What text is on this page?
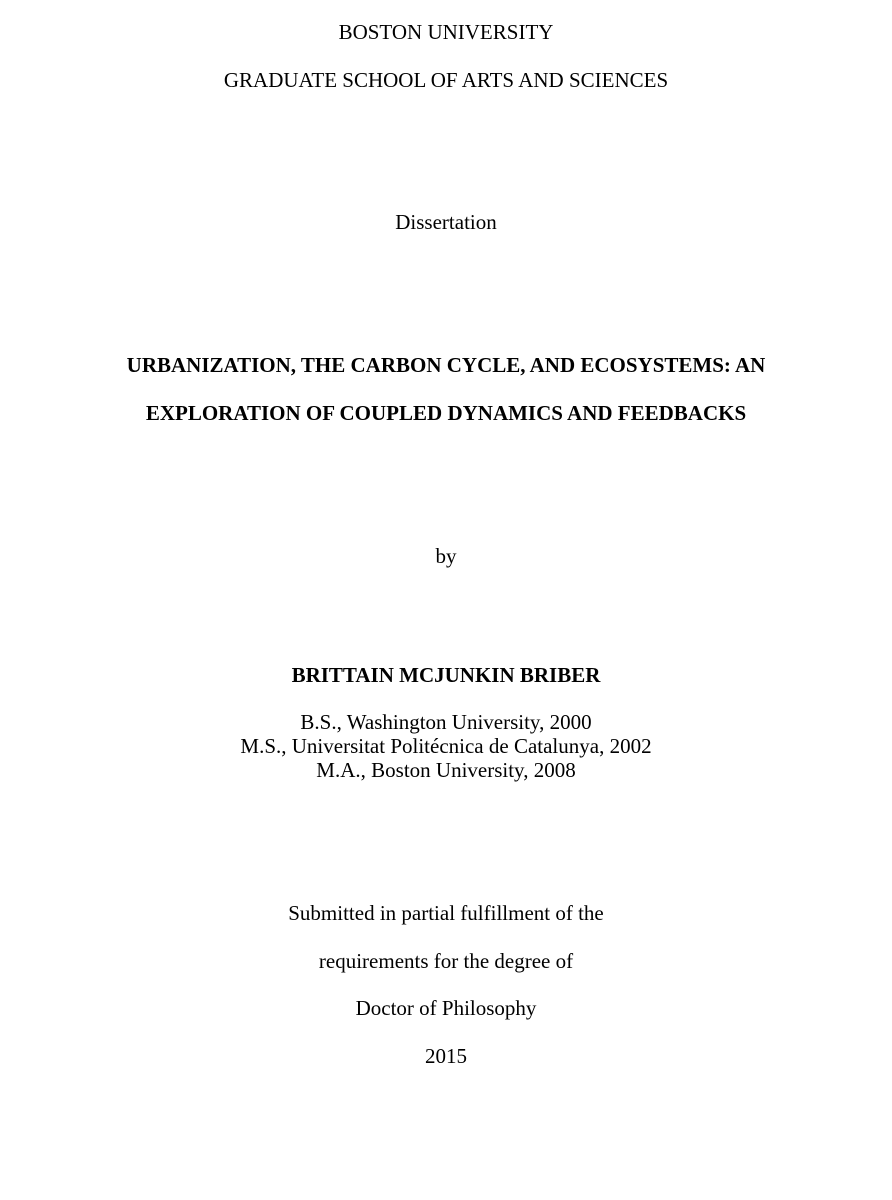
BOSTON UNIVERSITY
GRADUATE SCHOOL OF ARTS AND SCIENCES
Dissertation
URBANIZATION, THE CARBON CYCLE, AND ECOSYSTEMS: AN
EXPLORATION OF COUPLED DYNAMICS AND FEEDBACKS
by
BRITTAIN MCJUNKIN BRIBER
B.S., Washington University, 2000
M.S., Universitat Politécnica de Catalunya, 2002
M.A., Boston University, 2008
Submitted in partial fulfillment of the
requirements for the degree of
Doctor of Philosophy
2015
